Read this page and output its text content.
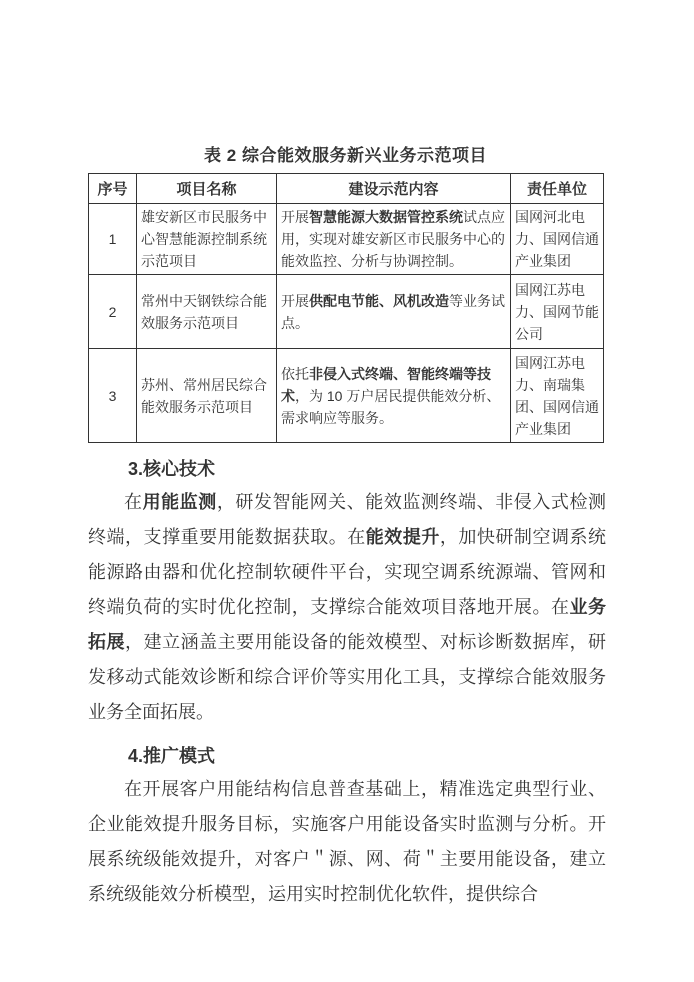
表 2 综合能效服务新兴业务示范项目
序号	项目名称	建设示范内容	责任单位
1	雄安新区市民服务中心智慧能源控制系统示范项目	开展智慧能源大数据管控系统试点应用，实现对雄安新区市民服务中心的能效监控、分析与协调控制。	国网河北电力、国网信通产业集团
2	常州中天钢铁综合能效服务示范项目	开展供配电节能、风机改造等业务试点。	国网江苏电力、国网节能公司
3	苏州、常州居民综合能效服务示范项目	依托非侵入式终端、智能终端等技术，为 10 万户居民提供能效分析、需求响应等服务。	国网江苏电力、南瑞集团、国网信通产业集团
3.核心技术

在用能监测，研发智能网关、能效监测终端、非侵入式检测终端，支撑重要用能数据获取。在能效提升，加快研制空调系统能源路由器和优化控制软硬件平台，实现空调系统源端、管网和终端负荷的实时优化控制，支撑综合能效项目落地开展。在业务拓展，建立涵盖主要用能设备的能效模型、对标诊断数据库，研发移动式能效诊断和综合评价等实用化工具，支撑综合能效服务业务全面拓展。

4.推广模式

在开展客户用能结构信息普查基础上，精准选定典型行业、企业能效提升服务目标，实施客户用能设备实时监测与分析。开展系统级能效提升，对客户＂源、网、荷＂主要用能设备，建立系统级能效分析模型，运用实时控制优化软件，提供综合
